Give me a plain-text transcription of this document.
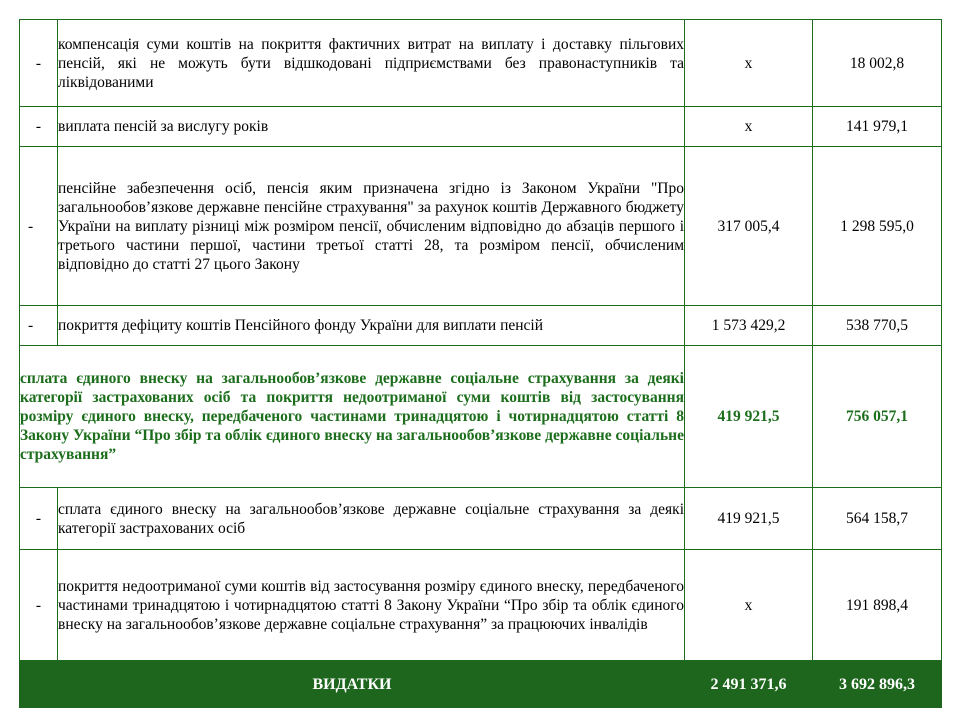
-	компенсація суми коштів на покриття фактичних витрат на виплату і доставку пільгових пенсій, які не можуть бути відшкодовані підприємствами без правонаступників та ліквідованими	х	18 002,8
-	виплата пенсій за вислугу років	х	141 979,1
-	пенсійне забезпечення осіб, пенсія яким призначена згідно із Законом України "Про загальнообов’язкове державне пенсійне страхування" за рахунок коштів Державного бюджету України на виплату різниці між розміром пенсії, обчисленим відповідно до абзаців першого і третього частини першої, частини третьої статті 28, та розміром пенсії, обчисленим відповідно до статті 27 цього Закону	317 005,4	1 298 595,0
-	покриття дефіциту коштів Пенсійного фонду України для виплати пенсій	1 573 429,2	538 770,5
сплата єдиного внеску на загальнообов’язкове державне соціальне страхування за деякі категорії застрахованих осіб та покриття недоотриманої суми коштів від застосування розміру єдиного внеску, передбаченого частинами тринадцятою і чотирнадцятою статті 8 Закону України “Про збір та облік єдиного внеску на загальнообов’язкове державне соціальне страхування”		419 921,5	756 057,1
-	сплата єдиного внеску на загальнообов’язкове державне соціальне страхування за деякі категорії застрахованих осіб	419 921,5	564 158,7
-	покриття недоотриманої суми коштів від застосування розміру єдиного внеску, передбаченого частинами тринадцятою і чотирнадцятою статті 8 Закону України “Про збір та облік єдиного внеску на загальнообов’язкове державне соціальне страхування” за працюючих інвалідів	х	191 898,4
ВИДАТКИ		2 491 371,6	3 692 896,3
